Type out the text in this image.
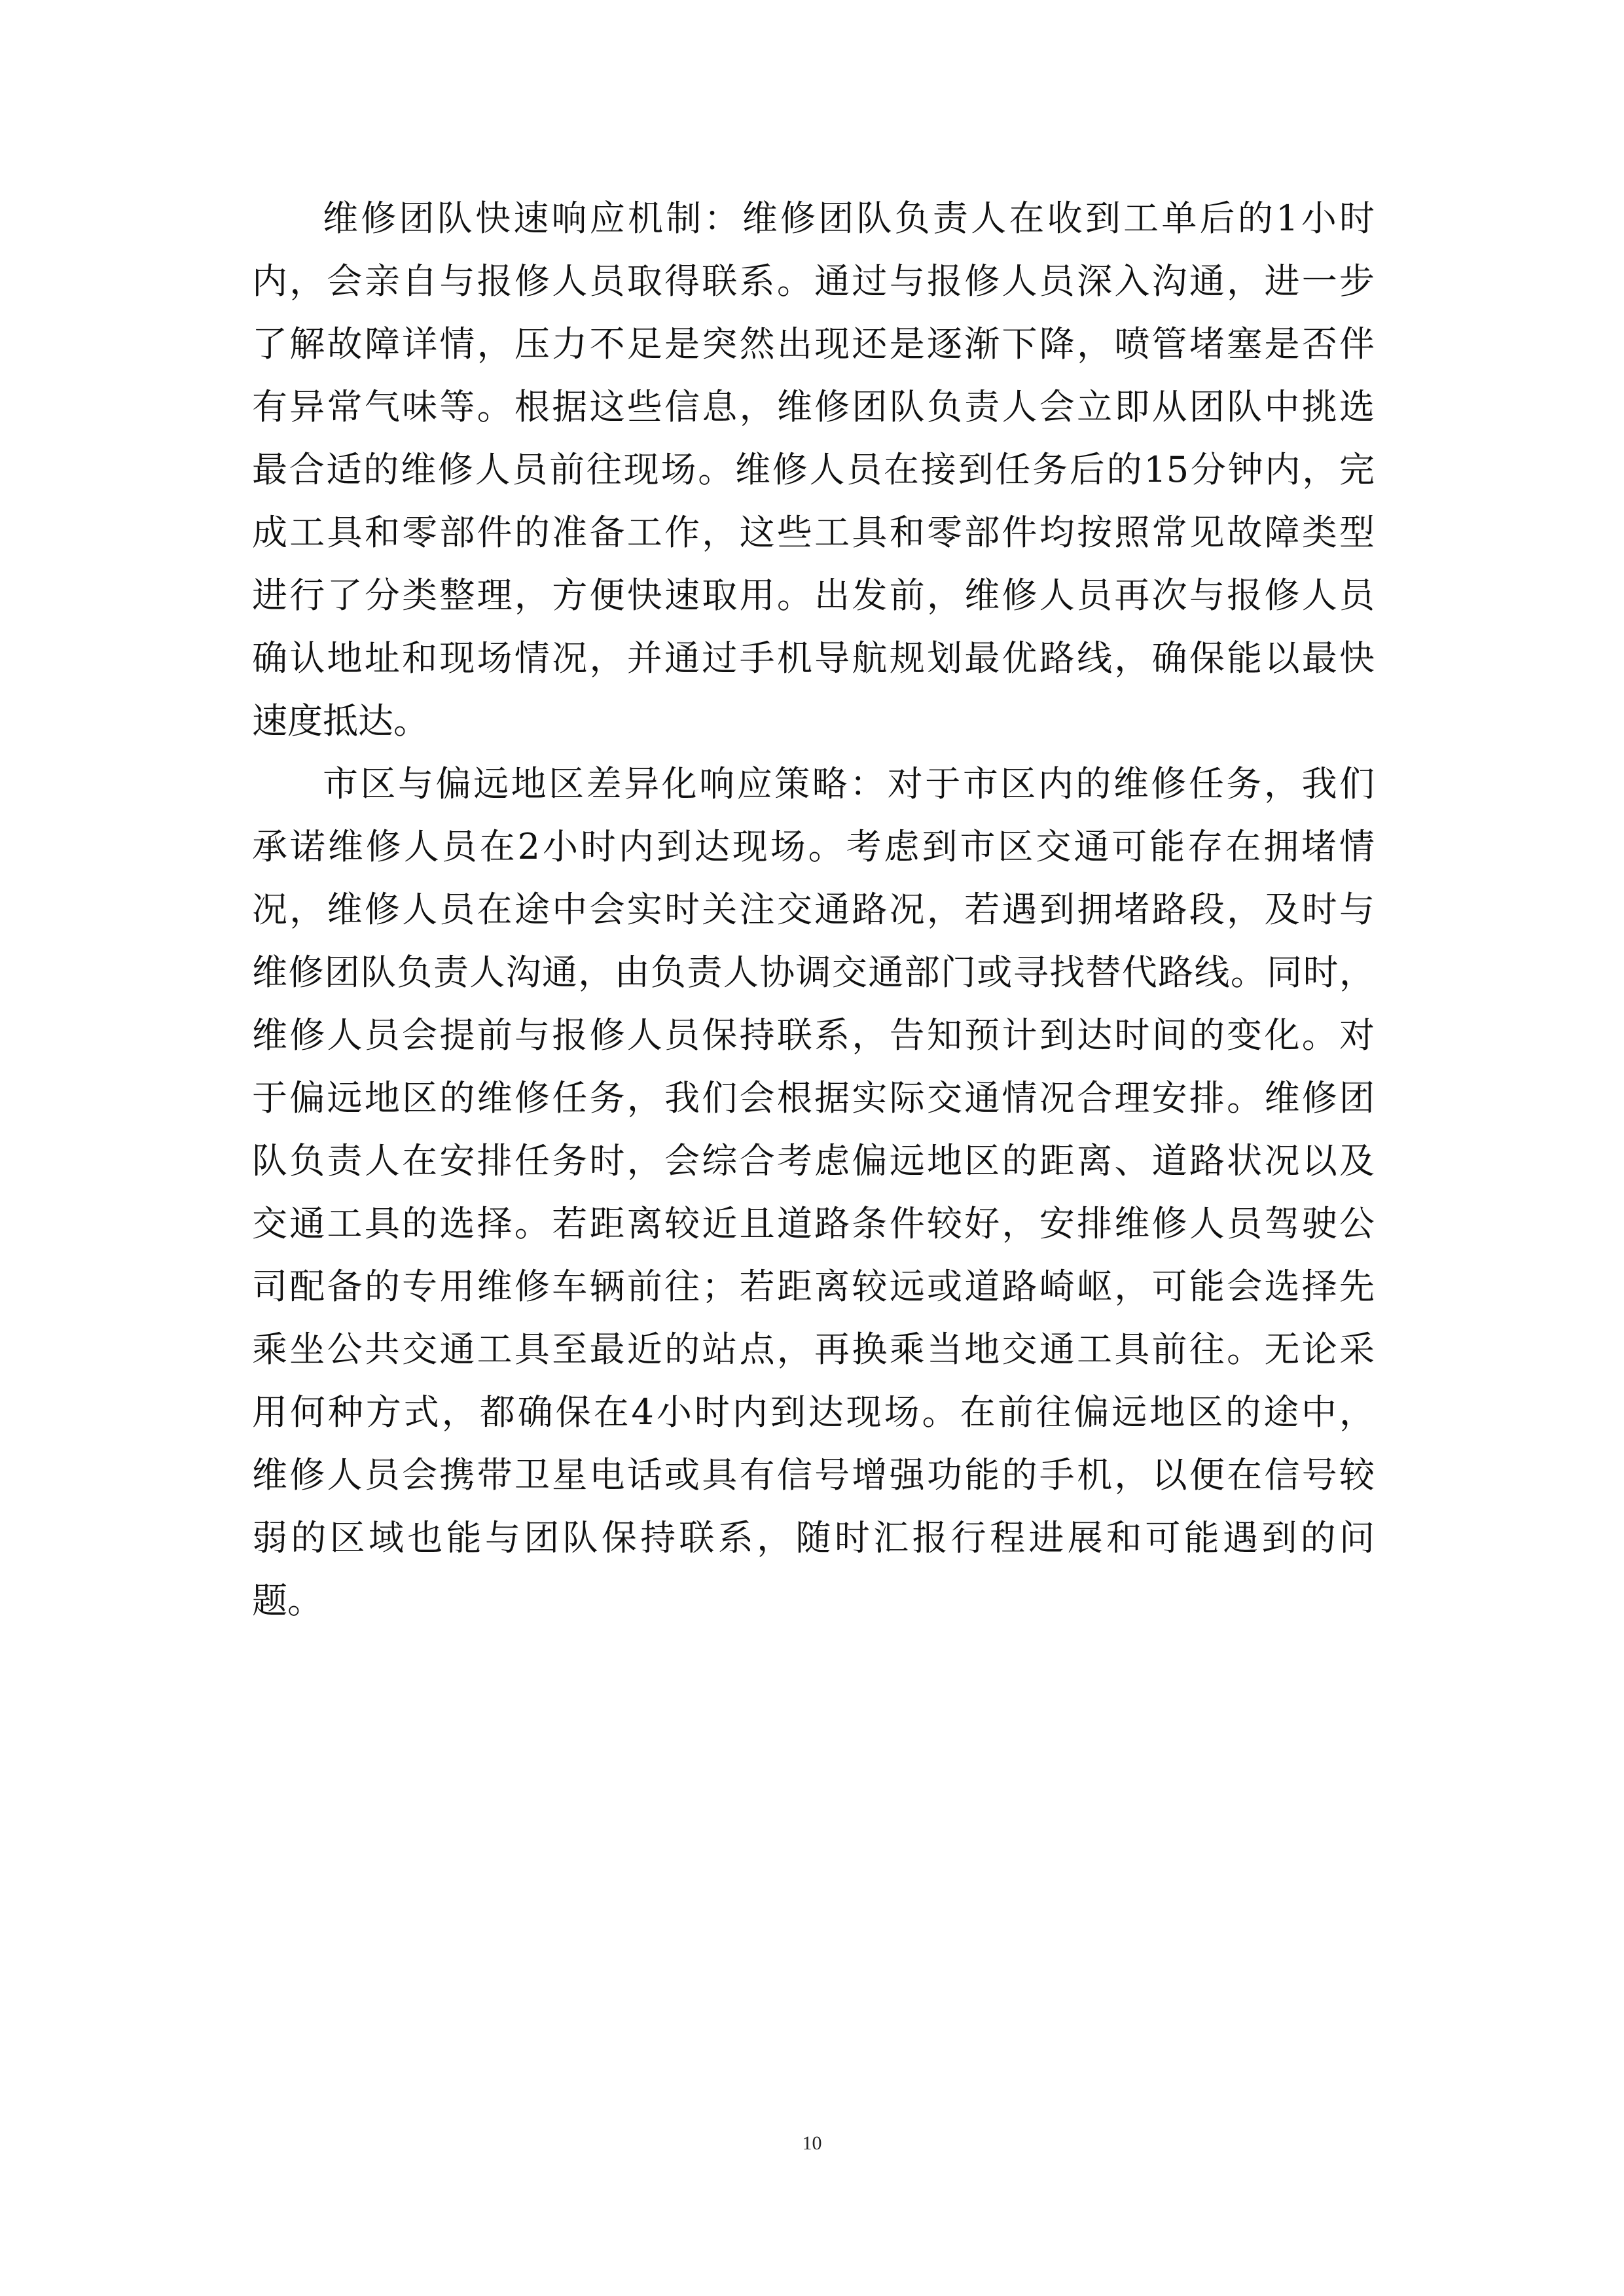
维修团队快速响应机制：维修团队负责人在收到工单后的1小时
内，会亲自与报修人员取得联系。通过与报修人员深入沟通，进一步
了解故障详情，压力不足是突然出现还是逐渐下降，喷管堵塞是否伴
有异常气味等。根据这些信息，维修团队负责人会立即从团队中挑选
最合适的维修人员前往现场。维修人员在接到任务后的15分钟内，完
成工具和零部件的准备工作，这些工具和零部件均按照常见故障类型
进行了分类整理，方便快速取用。出发前，维修人员再次与报修人员
确认地址和现场情况，并通过手机导航规划最优路线，确保能以最快
速度抵达。
市区与偏远地区差异化响应策略：对于市区内的维修任务，我们
承诺维修人员在2小时内到达现场。考虑到市区交通可能存在拥堵情
况，维修人员在途中会实时关注交通路况，若遇到拥堵路段，及时与
维修团队负责人沟通，由负责人协调交通部门或寻找替代路线。同时，
维修人员会提前与报修人员保持联系，告知预计到达时间的变化。对
于偏远地区的维修任务，我们会根据实际交通情况合理安排。维修团
队负责人在安排任务时，会综合考虑偏远地区的距离、道路状况以及
交通工具的选择。若距离较近且道路条件较好，安排维修人员驾驶公
司配备的专用维修车辆前往；若距离较远或道路崎岖，可能会选择先
乘坐公共交通工具至最近的站点，再换乘当地交通工具前往。无论采
用何种方式，都确保在4小时内到达现场。在前往偏远地区的途中，
维修人员会携带卫星电话或具有信号增强功能的手机，以便在信号较
弱的区域也能与团队保持联系，随时汇报行程进展和可能遇到的问
题。
10
